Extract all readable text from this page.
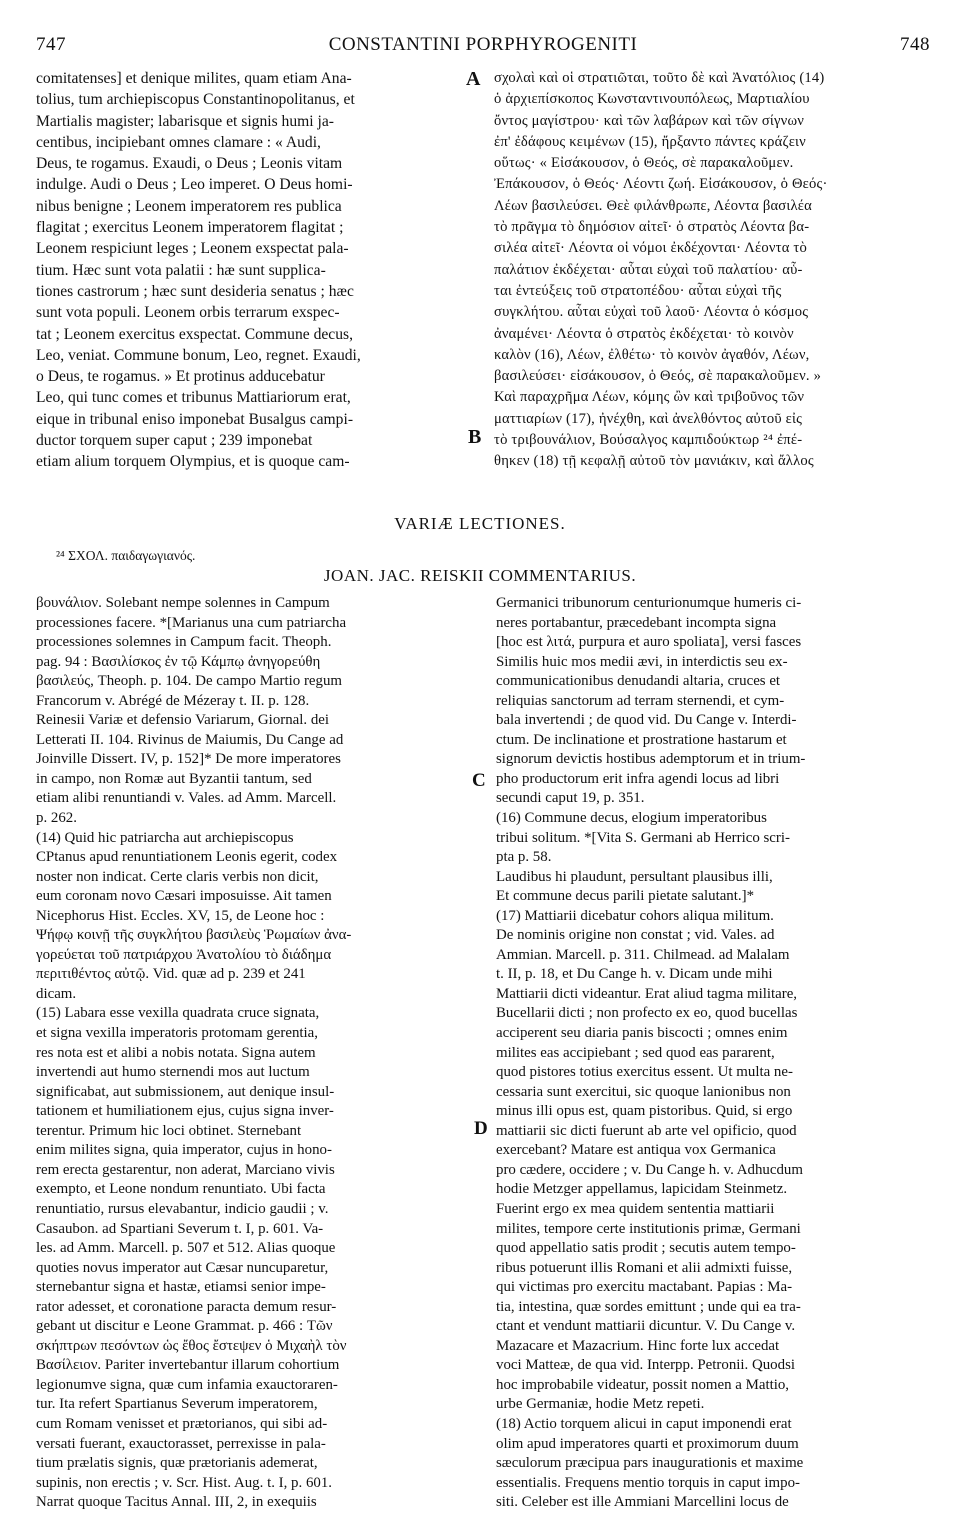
747	CONSTANTINI PORPHYROGENITI	748
comitatenses] et denique milites, quam etiam Ana-
tolius, tum archiepiscopus Constantinopolitanus, et
Martialis magister; labarisque et signis humi ja-
centibus, incipiebant omnes clamare : « Audi,
Deus, te rogamus. Exaudi, o Deus ; Leonis vitam
indulge. Audi o Deus ; Leo imperet. O Deus homi-
nibus benigne ; Leonem imperatorem res publica
flagitat ; exercitus Leonem imperatorem flagitat ;
Leonem respiciunt leges ; Leonem exspectat pala-
tium. Hæc sunt vota palatii : hæ sunt supplica-
tiones castrorum ; hæc sunt desideria senatus ; hæc
sunt vota populi. Leonem orbis terrarum exspec-
tat ; Leonem exercitus exspectat. Commune decus,
Leo, veniat. Commune bonum, Leo, regnet. Exaudi,
o Deus, te rogamus. » Et protinus adducebatur
Leo, qui tunc comes et tribunus Mattiariorum erat,
eique in tribunal eniso imponebat Busalgus campi-
ductor torquem super caput ; 239 imponebat
etiam alium torquem Olympius, et is quoque cam-
σχολαὶ καὶ οἱ στρατιῶται, τοῦτο δὲ καὶ Ἀνατόλιος (14)
ὁ ἀρχιεπίσκοπος Κωνσταντινουπόλεως, Μαρτιαλίου
ὄντος μαγίστρου· καὶ τῶν λαβάρων καὶ τῶν σίγνων
ἐπ' ἐδάφους κειμένων (15), ἤρξαντο πάντες κράζειν
οὕτως· « Εἰσάκουσον, ὁ Θεός, σὲ παρακαλοῦμεν.
Ἐπάκουσον, ὁ Θεός· Λέοντι ζωή. Εἰσάκουσον, ὁ Θεός·
Λέων βασιλεύσει. Θεὲ φιλάνθρωπε, Λέοντα βασιλέα
τὸ πρᾶγμα τὸ δημόσιον αἰτεῖ· ὁ στρατὸς Λέοντα βα-
σιλέα αἰτεῖ· Λέοντα οἱ νόμοι ἐκδέχονται· Λέοντα τὸ
παλάτιον ἐκδέχεται· αὗται εὐχαὶ τοῦ παλατίου· αὗ-
ται ἐντεύξεις τοῦ στρατοπέδου· αὗται εὐχαὶ τῆς
συγκλήτου. αὗται εὐχαὶ τοῦ λαοῦ· Λέοντα ὁ κόσμος
ἀναμένει· Λέοντα ὁ στρατὸς ἐκδέχεται· τὸ κοινὸν
καλὸν (16), Λέων, ἐλθέτω· τὸ κοινὸν ἀγαθόν, Λέων,
βασιλεύσει· εἰσάκουσον, ὁ Θεός, σὲ παρακαλοῦμεν. »
Καὶ παραχρῆμα Λέων, κόμης ὢν καὶ τριβοῦνος τῶν
ματτιαρίων (17), ἠνέχθη, καὶ ἀνελθόντος αὐτοῦ εἰς
τὸ τριβουνάλιον, Βούσαλγος καμπιδούκτωρ ²⁴ ἐπέ-
θηκεν (18) τῇ κεφαλῇ αὐτοῦ τὸν μανιάκιν, καὶ ἄλλος
A
B
VARIÆ LECTIONES.
²⁴ ΣΧΟΛ. παιδαγωγιανός.
JOAN. JAC. REISKII COMMENTARIUS.
βουνάλιον. Solebant nempe solennes in Campum
processiones facere. *[Marianus una cum patriarcha
processiones solemnes in Campum facit. Theoph.
pag. 94 : Βασιλίσκος ἐν τῷ Κάμπῳ ἀνηγορεύθη
βασιλεύς, Theoph. p. 104. De campo Martio regum
Francorum v. Abrégé de Mézeray t. II. p. 128.
Reinesii Variæ et defensio Variarum, Giornal. dei
Letterati II. 104. Rivinus de Maiumis, Du Cange ad
Joinville Dissert. IV, p. 152]* De more imperatores
in campo, non Romæ aut Byzantii tantum, sed
etiam alibi renuntiandi v. Vales. ad Amm. Marcell.
p. 262.
(14) Quid hic patriarcha aut archiepiscopus
CPtanus apud renuntiationem Leonis egerit, codex
noster non indicat. Certe claris verbis non dicit,
eum coronam novo Cæsari imposuisse. Ait tamen
Nicephorus Hist. Eccles. XV, 15, de Leone hoc :
Ψήφῳ κοινῇ τῆς συγκλήτου βασιλεὺς Ῥωμαίων ἀνα-
γορεύεται τοῦ πατριάρχου Ἀνατολίου τὸ διάδημα
περιτιθέντος αὐτῷ. Vid. quæ ad p. 239 et 241
dicam.
(15) Labara esse vexilla quadrata cruce signata,
et signa vexilla imperatoris protomam gerentia,
res nota est et alibi a nobis notata. Signa autem
invertendi aut humo sternendi mos aut luctum
significabat, aut submissionem, aut denique insul-
tationem et humiliationem ejus, cujus signa inver-
terentur. Primum hic loci obtinet. Sternebant
enim milites signa, quia imperator, cujus in hono-
rem erecta gestarentur, non aderat, Marciano vivis
exempto, et Leone nondum renuntiato. Ubi facta
renuntiatio, rursus elevabantur, indicio gaudii ; v.
Casaubon. ad Spartiani Severum t. I, p. 601. Va-
les. ad Amm. Marcell. p. 507 et 512. Alias quoque
quoties novus imperator aut Cæsar nuncuparetur,
sternebantur signa et hastæ, etiamsi senior impe-
rator adesset, et coronatione paracta demum resur-
gebant ut discitur e Leone Grammat. p. 466 : Τῶν
σκήπτρων πεσόντων ὡς ἔθος ἔστεψεν ὁ Μιχαὴλ τὸν
Βασίλειον. Pariter invertebantur illarum cohortium
legionumve signa, quæ cum infamia exauctoraren-
tur. Ita refert Spartianus Severum imperatorem,
cum Romam venisset et prætorianos, qui sibi ad-
versati fuerant, exauctorasset, perrexisse in pala-
tium prælatis signis, quæ prætorianis ademerat,
supinis, non erectis ; v. Scr. Hist. Aug. t. I, p. 601.
Narrat quoque Tacitus Annal. III, 2, in exequiis
Germanici tribunorum centurionumque humeris ci-
neres portabantur, præcedebant incompta signa
[hoc est λιτά, purpura et auro spoliata], versi fasces
Similis huic mos medii ævi, in interdictis seu ex-
communicationibus denudandi altaria, cruces et
reliquias sanctorum ad terram sternendi, et cym-
bala invertendi ; de quod vid. Du Cange v. Interdi-
ctum. De inclinatione et prostratione hastarum et
signorum devictis hostibus ademptorum et in trium-
pho productorum erit infra agendi locus ad libri
secundi caput 19, p. 351.
(16) Commune decus, elogium imperatoribus
tribui solitum. *[Vita S. Germani ab Herrico scri-
pta p. 58.
Laudibus hi plaudunt, persultant plausibus illi,
Et commune decus parili pietate salutant.]*
(17) Mattiarii dicebatur cohors aliqua militum.
De nominis origine non constat ; vid. Vales. ad
Ammian. Marcell. p. 311. Chilmead. ad Malalam
t. II, p. 18, et Du Cange h. v. Dicam unde mihi
Mattiarii dicti videantur. Erat aliud tagma militare,
Bucellarii dicti ; non profecto ex eo, quod bucellas
acciperent seu diaria panis biscocti ; omnes enim
milites eas accipiebant ; sed quod eas pararent,
quod pistores totius exercitus essent. Ut multa ne-
cessaria sunt exercitui, sic quoque lanionibus non
minus illi opus est, quam pistoribus. Quid, si ergo
mattiarii sic dicti fuerunt ab arte vel opificio, quod
exercebant? Matare est antiqua vox Germanica
pro cædere, occidere ; v. Du Cange h. v. Adhucdum
hodie Metzger appellamus, lapicidam Steinmetz.
Fuerint ergo ex mea quidem sententia mattiarii
milites, tempore certe institutionis primæ, Germani
quod appellatio satis prodit ; secutis autem tempo-
ribus potuerunt illis Romani et alii admixti fuisse,
qui victimas pro exercitu mactabant. Papias : Ma-
tia, intestina, quæ sordes emittunt ; unde qui ea tra-
ctant et vendunt mattiarii dicuntur. V. Du Cange v.
Mazacare et Mazacrium. Hinc forte lux accedat
voci Matteæ, de qua vid. Interpp. Petronii. Quodsi
hoc improbabile videatur, possit nomen a Mattio,
urbe Germaniæ, hodie Metz repeti.
(18) Actio torquem alicui in caput imponendi erat
olim apud imperatores quarti et proximorum duum
sæculorum præcipua pars inaugurationis et maxime
essentialis. Frequens mentio torquis in caput impo-
siti. Celeber est ille Ammiani Marcellini locus de
C
D
